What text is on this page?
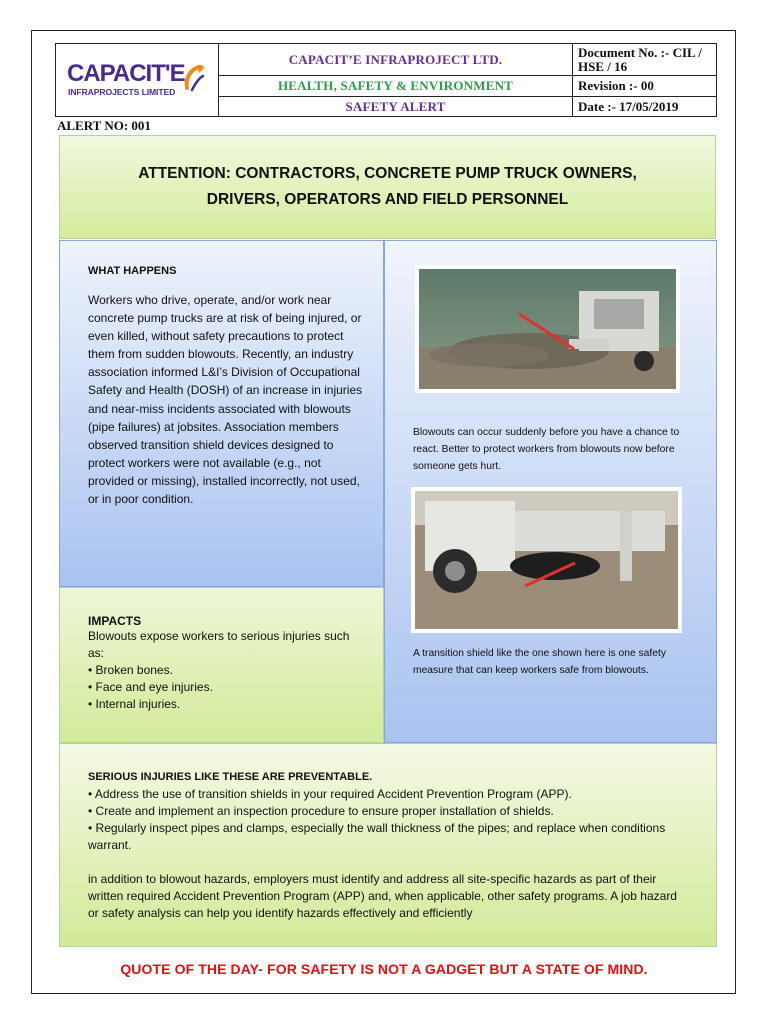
CAPACIT'E
INFRAPROJECTS LIMITED
CAPACIT’E INFRAPROJECT LTD.
HEALTH, SAFETY & ENVIRONMENT
SAFETY ALERT
Document No. :- CIL / HSE / 16
Revision :- 00
Date :- 17/05/2019
ALERT NO: 001
ATTENTION: CONTRACTORS, CONCRETE PUMP TRUCK OWNERS,
DRIVERS, OPERATORS AND FIELD PERSONNEL
WHAT HAPPENS
Workers who drive, operate, and/or work near concrete pump trucks are at risk of being injured, or even killed, without safety precautions to protect them from sudden blowouts. Recently, an industry association informed L&I’s Division of Occupational Safety and Health (DOSH) of an increase in injuries and near-miss incidents associated with blowouts (pipe failures) at jobsites. Association members observed transition shield devices designed to protect workers were not available (e.g., not provided or missing), installed incorrectly, not used, or in poor condition.
IMPACTS
Blowouts expose workers to serious injuries such as:
• Broken bones.
• Face and eye injuries.
• Internal injuries.
Blowouts can occur suddenly before you have a chance to react. Better to protect workers from blowouts now before someone gets hurt.
A transition shield like the one shown here is one safety measure that can keep workers safe from blowouts.
SERIOUS INJURIES LIKE THESE ARE PREVENTABLE.
• Address the use of transition shields in your required Accident Prevention Program (APP).
• Create and implement an inspection procedure to ensure proper installation of shields.
• Regularly inspect pipes and clamps, especially the wall thickness of the pipes; and replace when conditions warrant.
in addition to blowout hazards, employers must identify and address all site-specific hazards as part of their written required Accident Prevention Program (APP) and, when applicable, other safety programs. A job hazard or safety analysis can help you identify hazards effectively and efficiently
QUOTE OF THE DAY- FOR SAFETY IS NOT A GADGET BUT A STATE OF MIND.
